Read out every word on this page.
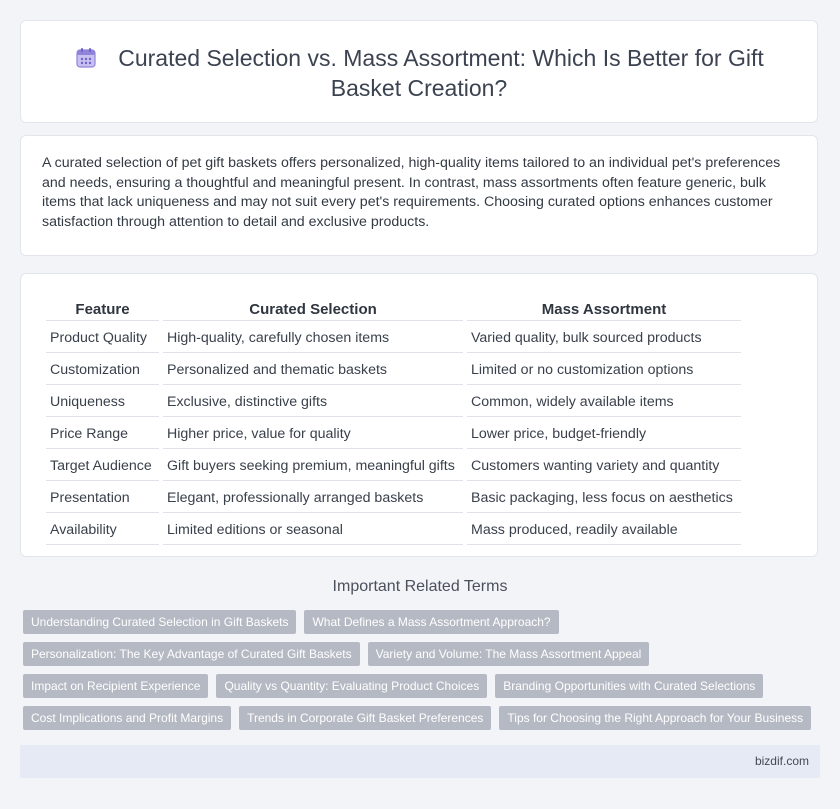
Curated Selection vs. Mass Assortment: Which Is Better for Gift Basket Creation?
A curated selection of pet gift baskets offers personalized, high-quality items tailored to an individual pet's preferences and needs, ensuring a thoughtful and meaningful present. In contrast, mass assortments often feature generic, bulk items that lack uniqueness and may not suit every pet's requirements. Choosing curated options enhances customer satisfaction through attention to detail and exclusive products.
Feature	Curated Selection	Mass Assortment
Product Quality	High-quality, carefully chosen items	Varied quality, bulk sourced products
Customization	Personalized and thematic baskets	Limited or no customization options
Uniqueness	Exclusive, distinctive gifts	Common, widely available items
Price Range	Higher price, value for quality	Lower price, budget-friendly
Target Audience	Gift buyers seeking premium, meaningful gifts	Customers wanting variety and quantity
Presentation	Elegant, professionally arranged baskets	Basic packaging, less focus on aesthetics
Availability	Limited editions or seasonal	Mass produced, readily available
Important Related Terms
Understanding Curated Selection in Gift Baskets	What Defines a Mass Assortment Approach?
Personalization: The Key Advantage of Curated Gift Baskets	Variety and Volume: The Mass Assortment Appeal
Impact on Recipient Experience	Quality vs Quantity: Evaluating Product Choices	Branding Opportunities with Curated Selections
Cost Implications and Profit Margins	Trends in Corporate Gift Basket Preferences	Tips for Choosing the Right Approach for Your Business
bizdif.com
